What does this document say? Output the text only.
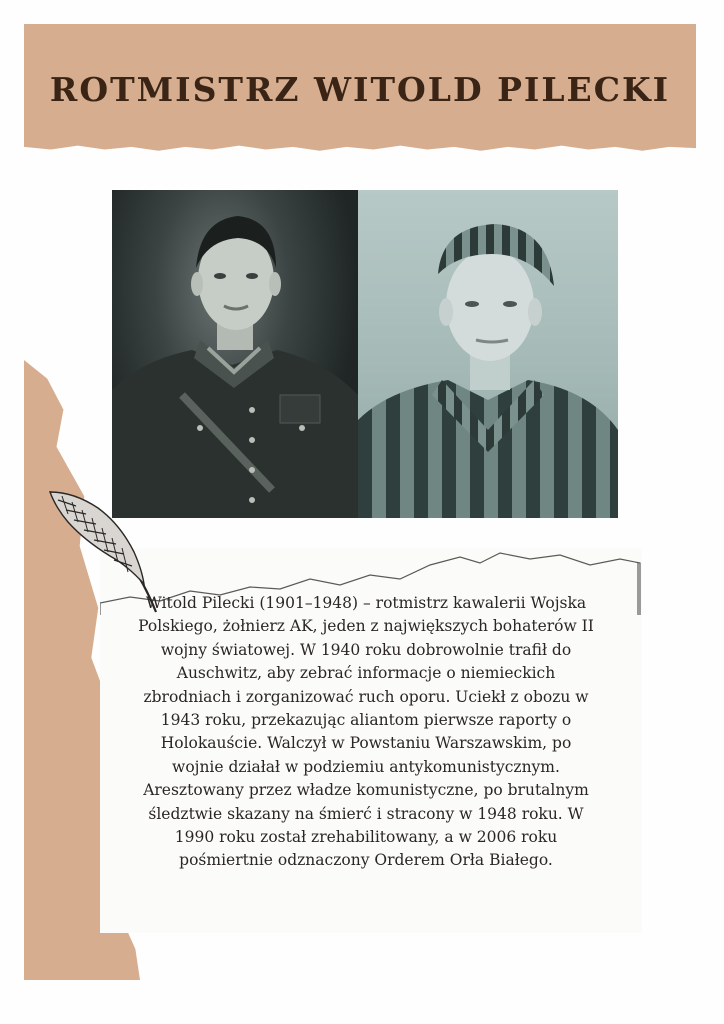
ROTMISTRZ WITOLD PILECKI

Witold Pilecki (1901–1948) – rotmistrz kawalerii Wojska Polskiego, żołnierz AK, jeden z największych bohaterów II wojny światowej. W 1940 roku dobrowolnie trafił do Auschwitz, aby zebrać informacje o niemieckich zbrodniach i zorganizować ruch oporu. Uciekł z obozu w 1943 roku, przekazując aliantom pierwsze raporty o Holokauście. Walczył w Powstaniu Warszawskim, po wojnie działał w podziemiu antykomunistycznym. Aresztowany przez władze komunistyczne, po brutalnym śledztwie skazany na śmierć i stracony w 1948 roku. W 1990 roku został zrehabilitowany, a w 2006 roku pośmiertnie odznaczony Orderem Orła Białego.
